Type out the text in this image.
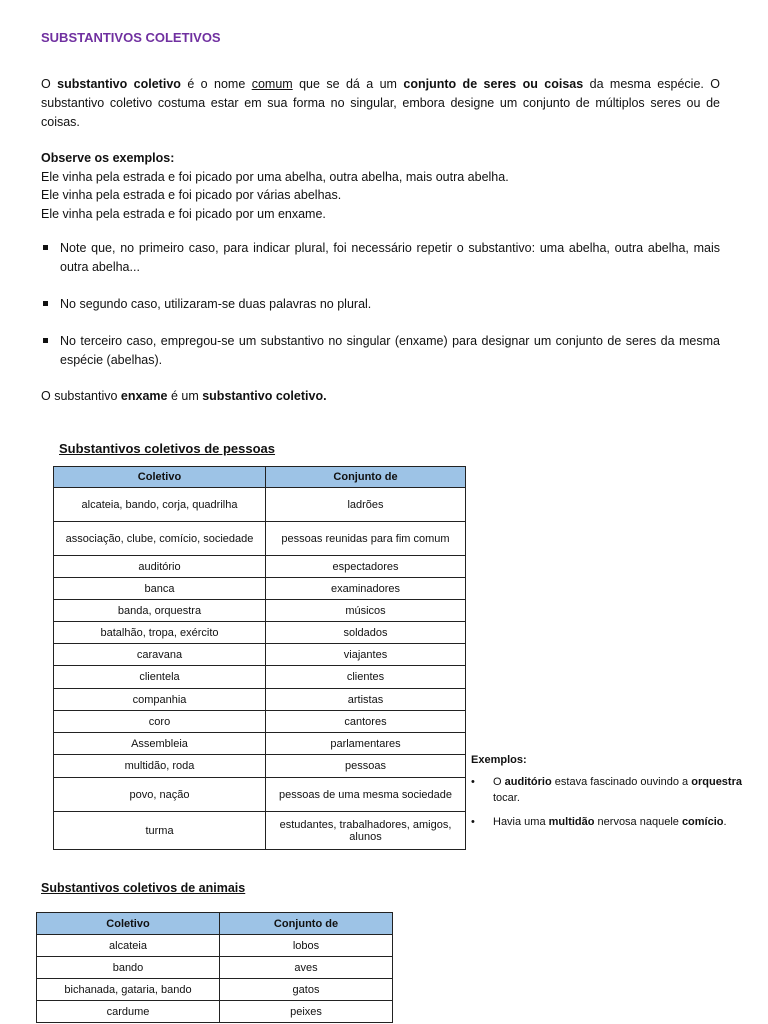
SUBSTANTIVOS COLETIVOS

O substantivo coletivo é o nome comum que se dá a um conjunto de seres ou coisas da mesma espécie. O substantivo coletivo costuma estar em sua forma no singular, embora designe um conjunto de múltiplos seres ou de coisas.

Observe os exemplos:
Ele vinha pela estrada e foi picado por uma abelha, outra abelha, mais outra abelha.
Ele vinha pela estrada e foi picado por várias abelhas.
Ele vinha pela estrada e foi picado por um enxame.
Note que, no primeiro caso, para indicar plural, foi necessário repetir o substantivo: uma abelha, outra abelha, mais outra abelha...
No segundo caso, utilizaram-se duas palavras no plural.
No terceiro caso, empregou-se um substantivo no singular (enxame) para designar um conjunto de seres da mesma espécie (abelhas).

O substantivo enxame é um substantivo coletivo.

Substantivos coletivos de pessoas
Coletivo	Conjunto de
alcateia, bando, corja, quadrilha	ladrões
associação, clube, comício, sociedade	pessoas reunidas para fim comum
auditório	espectadores
banca	examinadores
banda, orquestra	músicos
batalhão, tropa, exército	soldados
caravana	viajantes
clientela	clientes
companhia	artistas
coro	cantores
Assembleia	parlamentares
multidão, roda	pessoas
povo, nação	pessoas de uma mesma sociedade
turma	estudantes, trabalhadores, amigos, alunos
Exemplos:
• O auditório estava fascinado ouvindo a orquestra tocar.
• Havia uma multidão nervosa naquele comício.
Substantivos coletivos de animais
Coletivo	Conjunto de
alcateia	lobos
bando	aves
bichanada, gataria, bando	gatos
cardume	peixes
